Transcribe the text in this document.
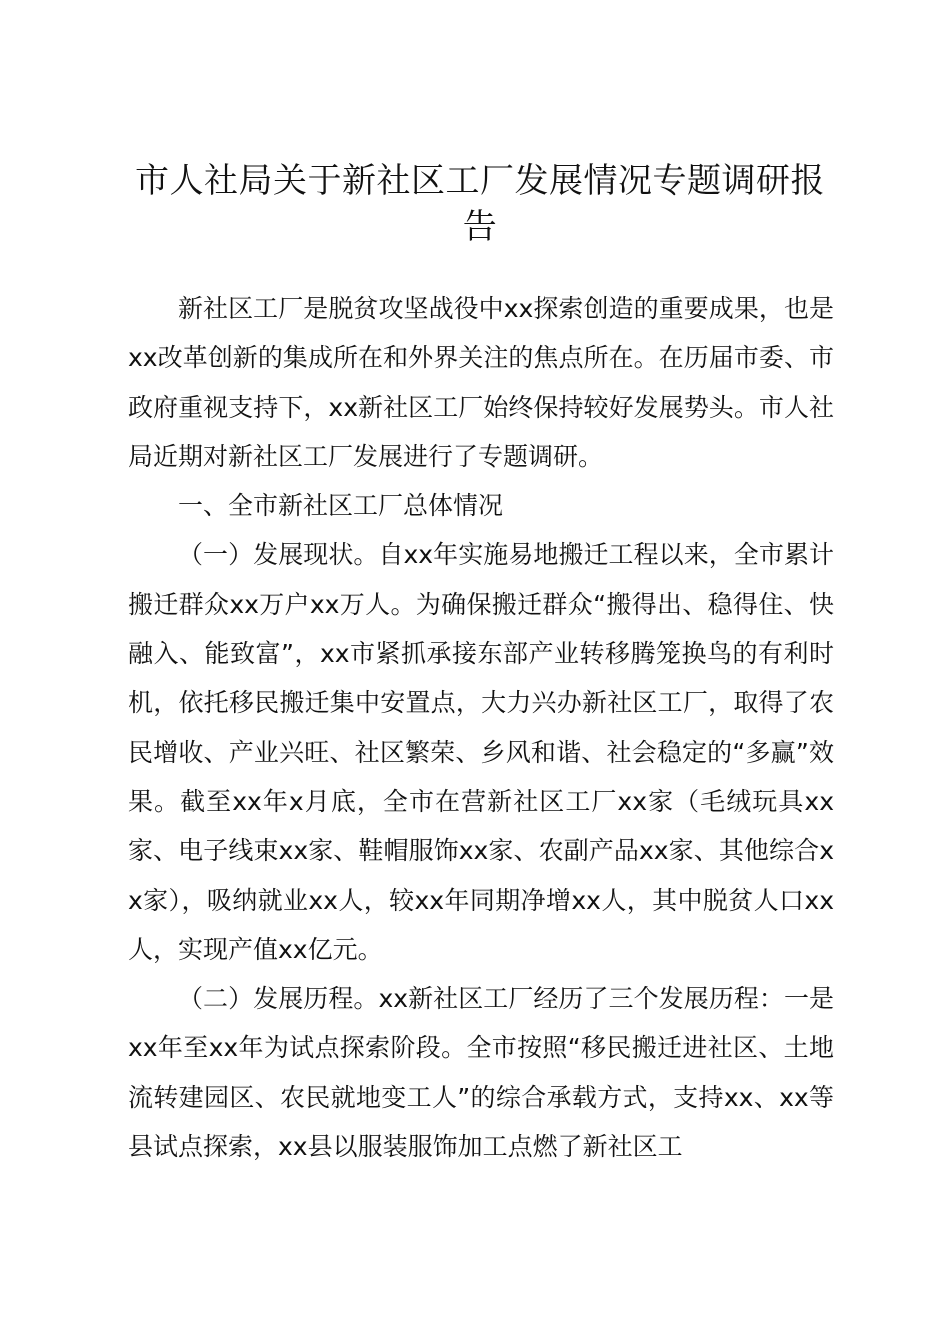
市人社局关于新社区工厂发展情况专题调研报告

新社区工厂是脱贫攻坚战役中xx探索创造的重要成果，也是xx改革创新的集成所在和外界关注的焦点所在。在历届市委、市政府重视支持下，xx新社区工厂始终保持较好发展势头。市人社局近期对新社区工厂发展进行了专题调研。

一、全市新社区工厂总体情况

（一）发展现状。自xx年实施易地搬迁工程以来，全市累计搬迁群众xx万户xx万人。为确保搬迁群众“搬得出、稳得住、快融入、能致富”，xx市紧抓承接东部产业转移腾笼换鸟的有利时机，依托移民搬迁集中安置点，大力兴办新社区工厂，取得了农民增收、产业兴旺、社区繁荣、乡风和谐、社会稳定的“多赢”效果。截至xx年x月底，全市在营新社区工厂xx家（毛绒玩具xx家、电子线束xx家、鞋帽服饰xx家、农副产品xx家、其他综合xx家），吸纳就业xx人，较xx年同期净增xx人，其中脱贫人口xx人，实现产值xx亿元。

（二）发展历程。xx新社区工厂经历了三个发展历程：一是xx年至xx年为试点探索阶段。全市按照“移民搬迁进社区、土地流转建园区、农民就地变工人”的综合承载方式，支持xx、xx等县试点探索，xx县以服装服饰加工点燃了新社区工
